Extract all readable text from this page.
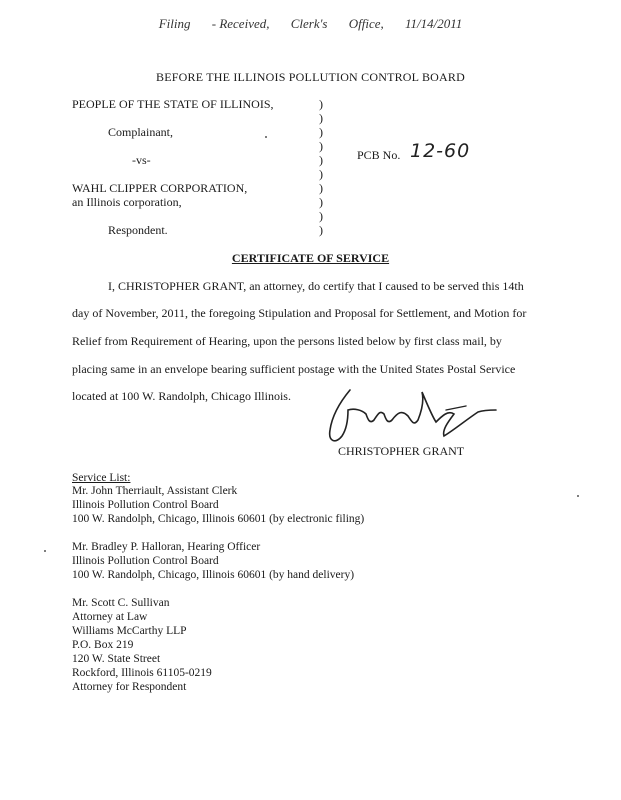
Filing - Received, Clerk's Office, 11/14/2011
BEFORE THE ILLINOIS POLLUTION CONTROL BOARD
PEOPLE OF THE STATE OF ILLINOIS,
Complainant,
-vs-
WAHL CLIPPER CORPORATION,
an Illinois corporation,
Respondent.
)
)
)
)
)
)
)
)
)
)
PCB No. 12-60
CERTIFICATE OF SERVICE
I, CHRISTOPHER GRANT, an attorney, do certify that I caused to be served this 14th
day of November, 2011, the foregoing Stipulation and Proposal for Settlement, and Motion for
Relief from Requirement of Hearing, upon the persons listed below by first class mail, by
placing same in an envelope bearing sufficient postage with the United States Postal Service
located at 100 W. Randolph, Chicago Illinois.
CHRISTOPHER GRANT
Service List:
Mr. John Therriault, Assistant Clerk
Illinois Pollution Control Board
100 W. Randolph, Chicago, Illinois 60601 (by electronic filing)
Mr. Bradley P. Halloran, Hearing Officer
Illinois Pollution Control Board
100 W. Randolph, Chicago, Illinois 60601 (by hand delivery)
Mr. Scott C. Sullivan
Attorney at Law
Williams McCarthy LLP
P.O. Box 219
120 W. State Street
Rockford, Illinois 61105-0219
Attorney for Respondent
